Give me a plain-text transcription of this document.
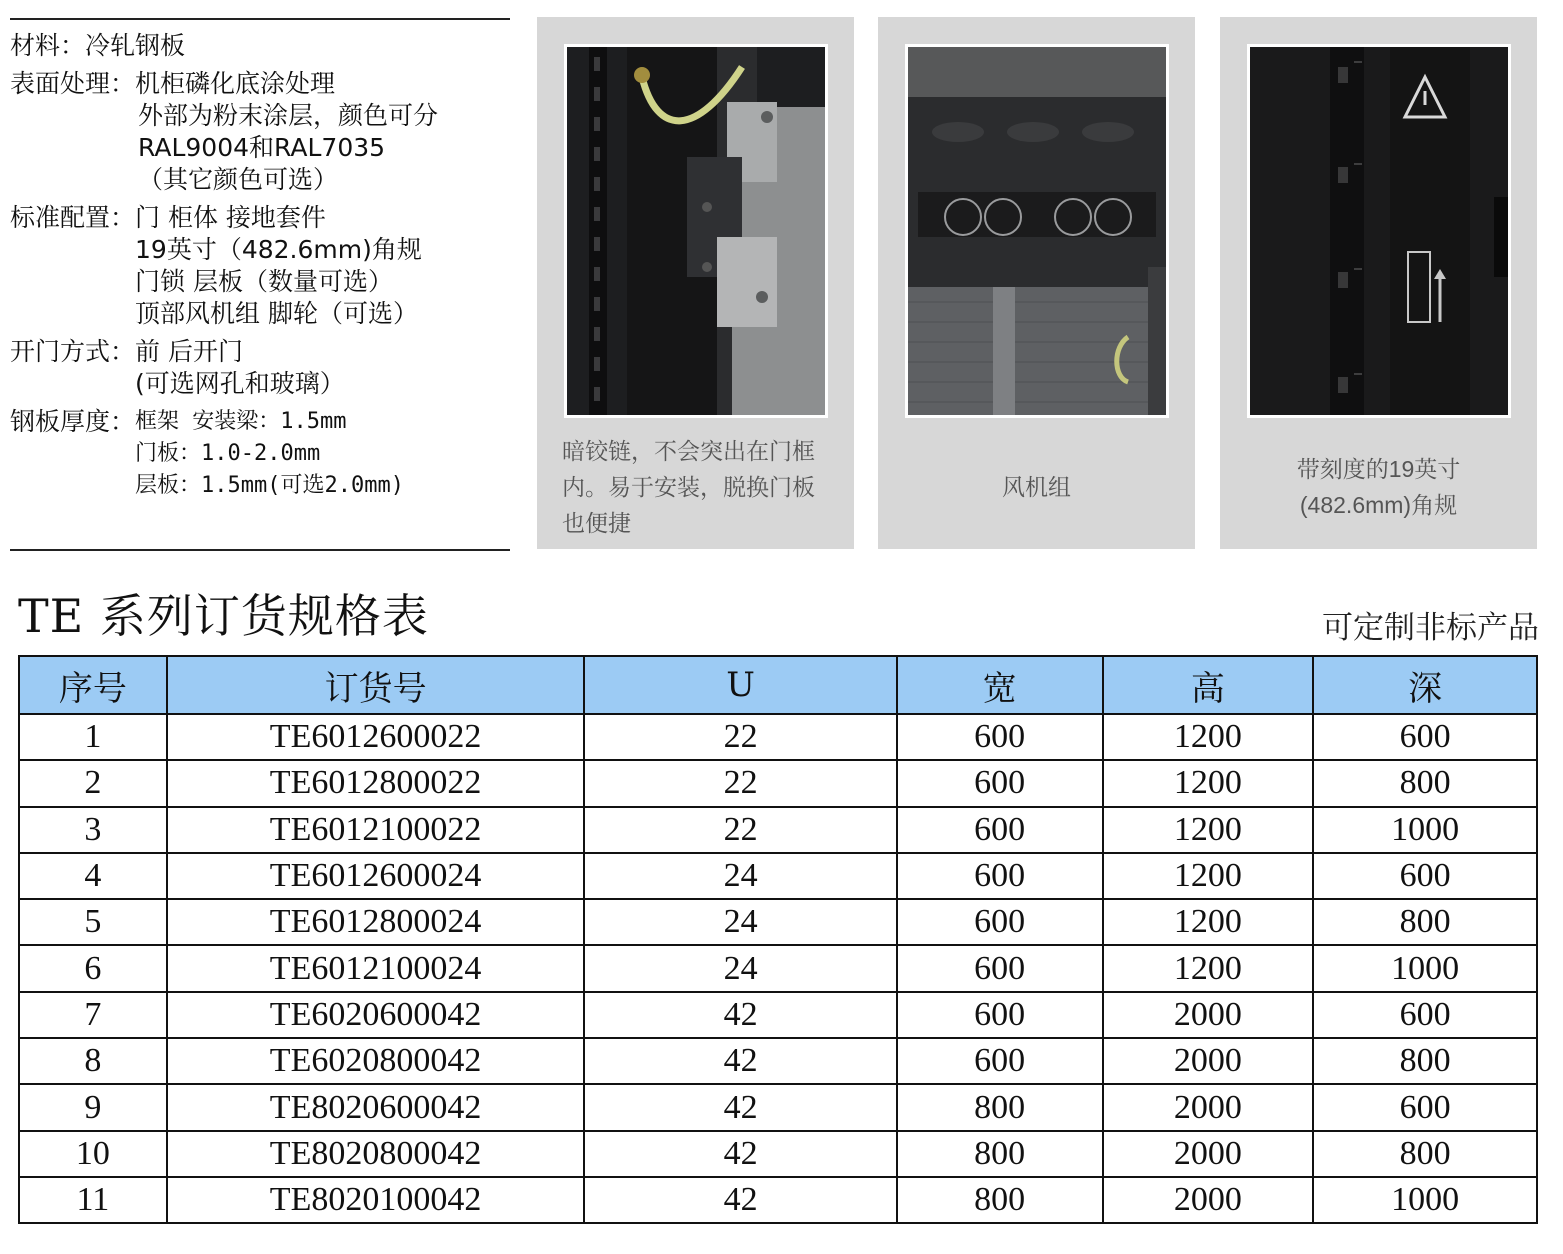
材料： 冷轧钢板
表面处理： 机柜磷化底涂处理
外部为粉末涂层，颜色可分
RAL9004和RAL7035
（其它颜色可选）
标准配置： 门 柜体 接地套件
19英寸（482.6mm)角规
门锁 层板（数量可选）
顶部风机组 脚轮（可选）
开门方式： 前 后开门
(可选网孔和玻璃）
钢板厚度： 框架 安装梁：1.5mm
门板：1.0-2.0mm
层板：1.5mm(可选2.0mm)
暗铰链，不会突出在门框内。易于安装，脱换门板也便捷
风机组
带刻度的19英寸
(482.6mm)角规
TE 系列订货规格表	可定制非标产品
序号	订货号	U	宽	高	深
1	TE6012600022	22	600	1200	600
2	TE6012800022	22	600	1200	800
3	TE6012100022	22	600	1200	1000
4	TE6012600024	24	600	1200	600
5	TE6012800024	24	600	1200	800
6	TE6012100024	24	600	1200	1000
7	TE6020600042	42	600	2000	600
8	TE6020800042	42	600	2000	800
9	TE8020600042	42	800	2000	600
10	TE8020800042	42	800	2000	800
11	TE8020100042	42	800	2000	1000
